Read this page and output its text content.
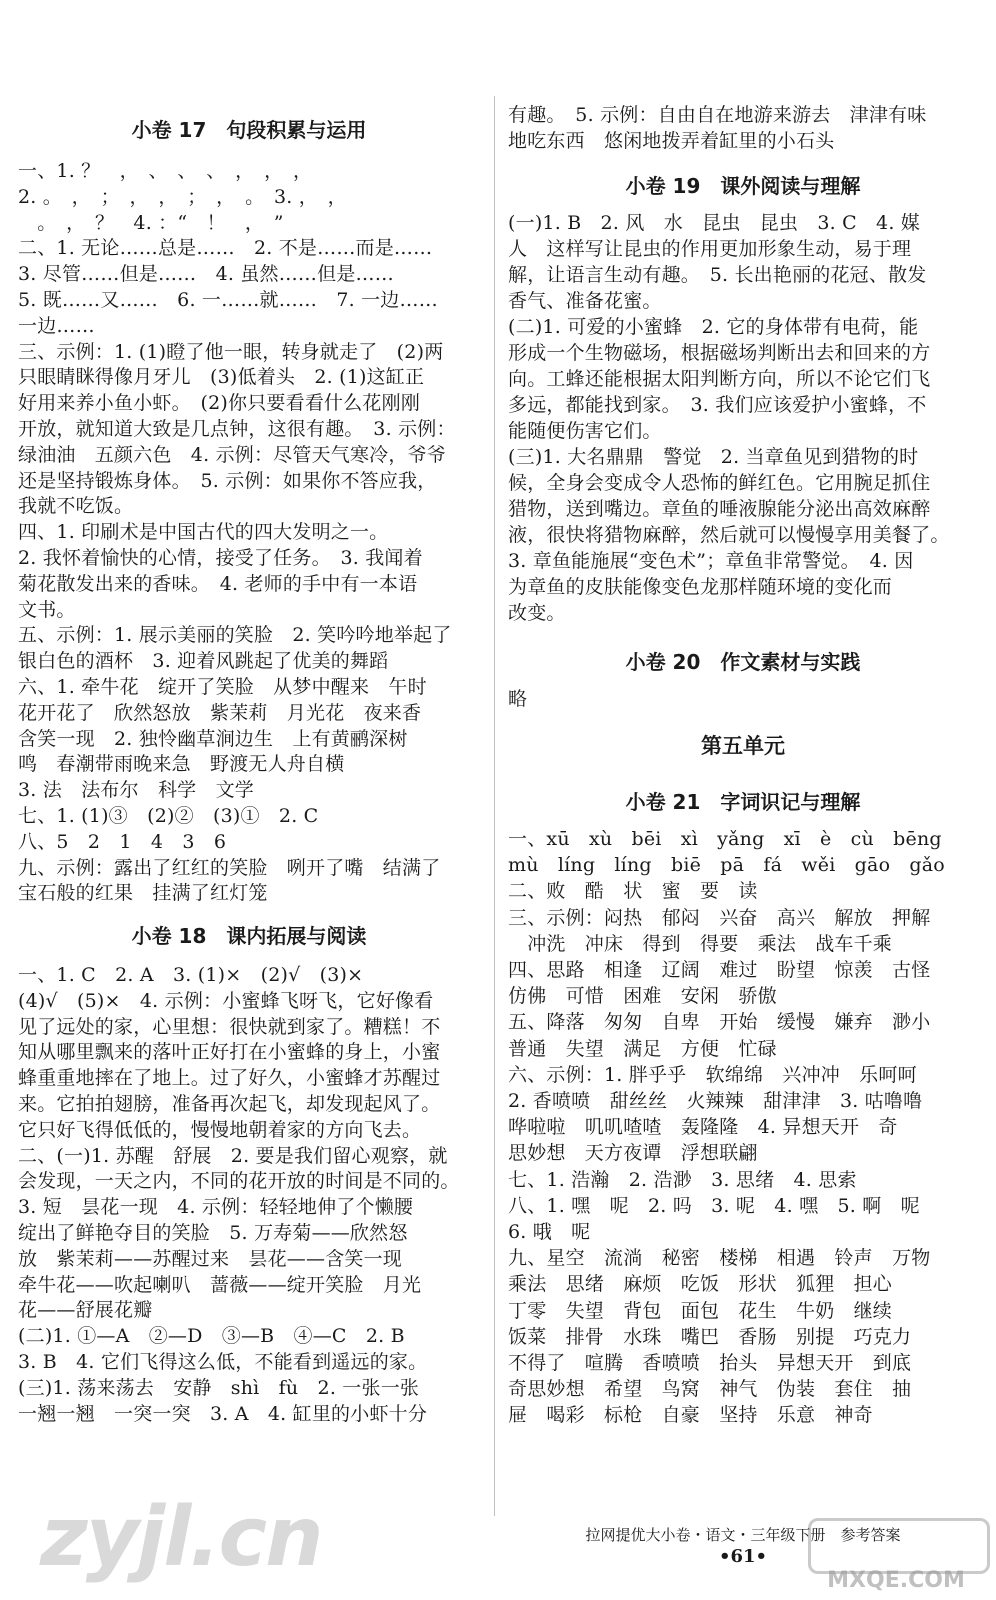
小卷 17　句段积累与运用
一、1. ？　，　、　、　、　，　，　，
2. 。　，　；　，　，　；　，　。　3. ，　，
　。　，　？　4. ：“　！　，　”
二、1. 无论……总是……　2. 不是……而是……
3. 尽管……但是……　4. 虽然……但是……
5. 既……又……　6. 一……就……　7. 一边……
一边……
三、示例：1. (1)瞪了他一眼，转身就走了　(2)两
只眼睛眯得像月牙儿　(3)低着头　2. (1)这缸正
好用来养小鱼小虾。　(2)你只要看看什么花刚刚
开放，就知道大致是几点钟，这很有趣。　3. 示例：
绿油油　五颜六色　4. 示例：尽管天气寒冷，爷爷
还是坚持锻炼身体。　5. 示例：如果你不答应我，
我就不吃饭。
四、1. 印刷术是中国古代的四大发明之一。
2. 我怀着愉快的心情，接受了任务。　3. 我闻着
菊花散发出来的香味。　4. 老师的手中有一本语
文书。
五、示例：1. 展示美丽的笑脸　2. 笑吟吟地举起了
银白色的酒杯　3. 迎着风跳起了优美的舞蹈
六、1. 牵牛花　绽开了笑脸　从梦中醒来　午时
花开花了　欣然怒放　紫茉莉　月光花　夜来香
含笑一现　2. 独怜幽草涧边生　上有黄鹂深树
鸣　春潮带雨晚来急　野渡无人舟自横
3. 法　法布尔　科学　文学
七、1. (1)③　(2)②　(3)①　2. C
八、5　2　1　4　3　6
九、示例：露出了红红的笑脸　咧开了嘴　结满了
宝石般的红果　挂满了红灯笼
小卷 18　课内拓展与阅读
一、1. C　2. A　3. (1)×　(2)√　(3)×
(4)√　(5)×　4. 示例：小蜜蜂飞呀飞，它好像看
见了远处的家，心里想：很快就到家了。糟糕！不
知从哪里飘来的落叶正好打在小蜜蜂的身上，小蜜
蜂重重地摔在了地上。过了好久，小蜜蜂才苏醒过
来。它拍拍翅膀，准备再次起飞，却发现起风了。
它只好飞得低低的，慢慢地朝着家的方向飞去。
二、(一)1. 苏醒　舒展　2. 要是我们留心观察，就
会发现，一天之内，不同的花开放的时间是不同的。
3. 短　昙花一现　4. 示例：轻轻地伸了个懒腰
绽出了鲜艳夺目的笑脸　5. 万寿菊——欣然怒
放　紫茉莉——苏醒过来　昙花——含笑一现
牵牛花——吹起喇叭　蔷薇——绽开笑脸　月光
花——舒展花瓣
(二)1. ①—A　②—D　③—B　④—C　2. B
3. B　4. 它们飞得这么低，不能看到遥远的家。
(三)1. 荡来荡去　安静　shì　fù　2. 一张一张
一翘一翘　一突一突　3. A　4. 缸里的小虾十分
有趣。　5. 示例：自由自在地游来游去　津津有味
地吃东西　悠闲地拨弄着缸里的小石头
小卷 19　课外阅读与理解
(一)1. B　2. 风　水　昆虫　昆虫　3. C　4. 媒
人　这样写让昆虫的作用更加形象生动，易于理
解，让语言生动有趣。　5. 长出艳丽的花冠、散发
香气、准备花蜜。
(二)1. 可爱的小蜜蜂　2. 它的身体带有电荷，能
形成一个生物磁场，根据磁场判断出去和回来的方
向。工蜂还能根据太阳判断方向，所以不论它们飞
多远，都能找到家。　3. 我们应该爱护小蜜蜂，不
能随便伤害它们。
(三)1. 大名鼎鼎　警觉　2. 当章鱼见到猎物的时
候，全身会变成令人恐怖的鲜红色。它用腕足抓住
猎物，送到嘴边。章鱼的唾液腺能分泌出高效麻醉
液，很快将猎物麻醉，然后就可以慢慢享用美餐了。
3. 章鱼能施展“变色术”；章鱼非常警觉。　4. 因
为章鱼的皮肤能像变色龙那样随环境的变化而
改变。
小卷 20　作文素材与实践
略
第五单元
小卷 21　字词识记与理解
一、xū　xù　bēi　xì　yǎng　xī　è　cù　bēng
mù　líng　líng　biē　pā　fá　wěi　gāo　gǎo
二、败　酷　状　蜜　要　读
三、示例：闷热　郁闷　兴奋　高兴　解放　押解
　冲洗　冲床　得到　得要　乘法　战车千乘
四、思路　相逢　辽阔　难过　盼望　惊羡　古怪
仿佛　可惜　困难　安闲　骄傲
五、降落　匆匆　自卑　开始　缓慢　嫌弃　渺小
普通　失望　满足　方便　忙碌
六、示例：1. 胖乎乎　软绵绵　兴冲冲　乐呵呵
2. 香喷喷　甜丝丝　火辣辣　甜津津　3. 咕噜噜
哗啦啦　叽叽喳喳　轰隆隆　4. 异想天开　奇
思妙想　天方夜谭　浮想联翩
七、1. 浩瀚　2. 浩渺　3. 思绪　4. 思索
八、1. 嘿　呢　2. 吗　3. 呢　4. 嘿　5. 啊　呢
6. 哦　呢
九、星空　流淌　秘密　楼梯　相遇　铃声　万物
乘法　思绪　麻烦　吃饭　形状　狐狸　担心
丁零　失望　背包　面包　花生　牛奶　继续
饭菜　排骨　水珠　嘴巴　香肠　别提　巧克力
不得了　喧腾　香喷喷　抬头　异想天开　到底
奇思妙想　希望　鸟窝　神气　伪装　套住　抽
屉　喝彩　标枪　自豪　坚持　乐意　神奇
拉网提优大小卷・语文・三年级下册　参考答案
•61•
zyjl.cn	MXQE.COM
